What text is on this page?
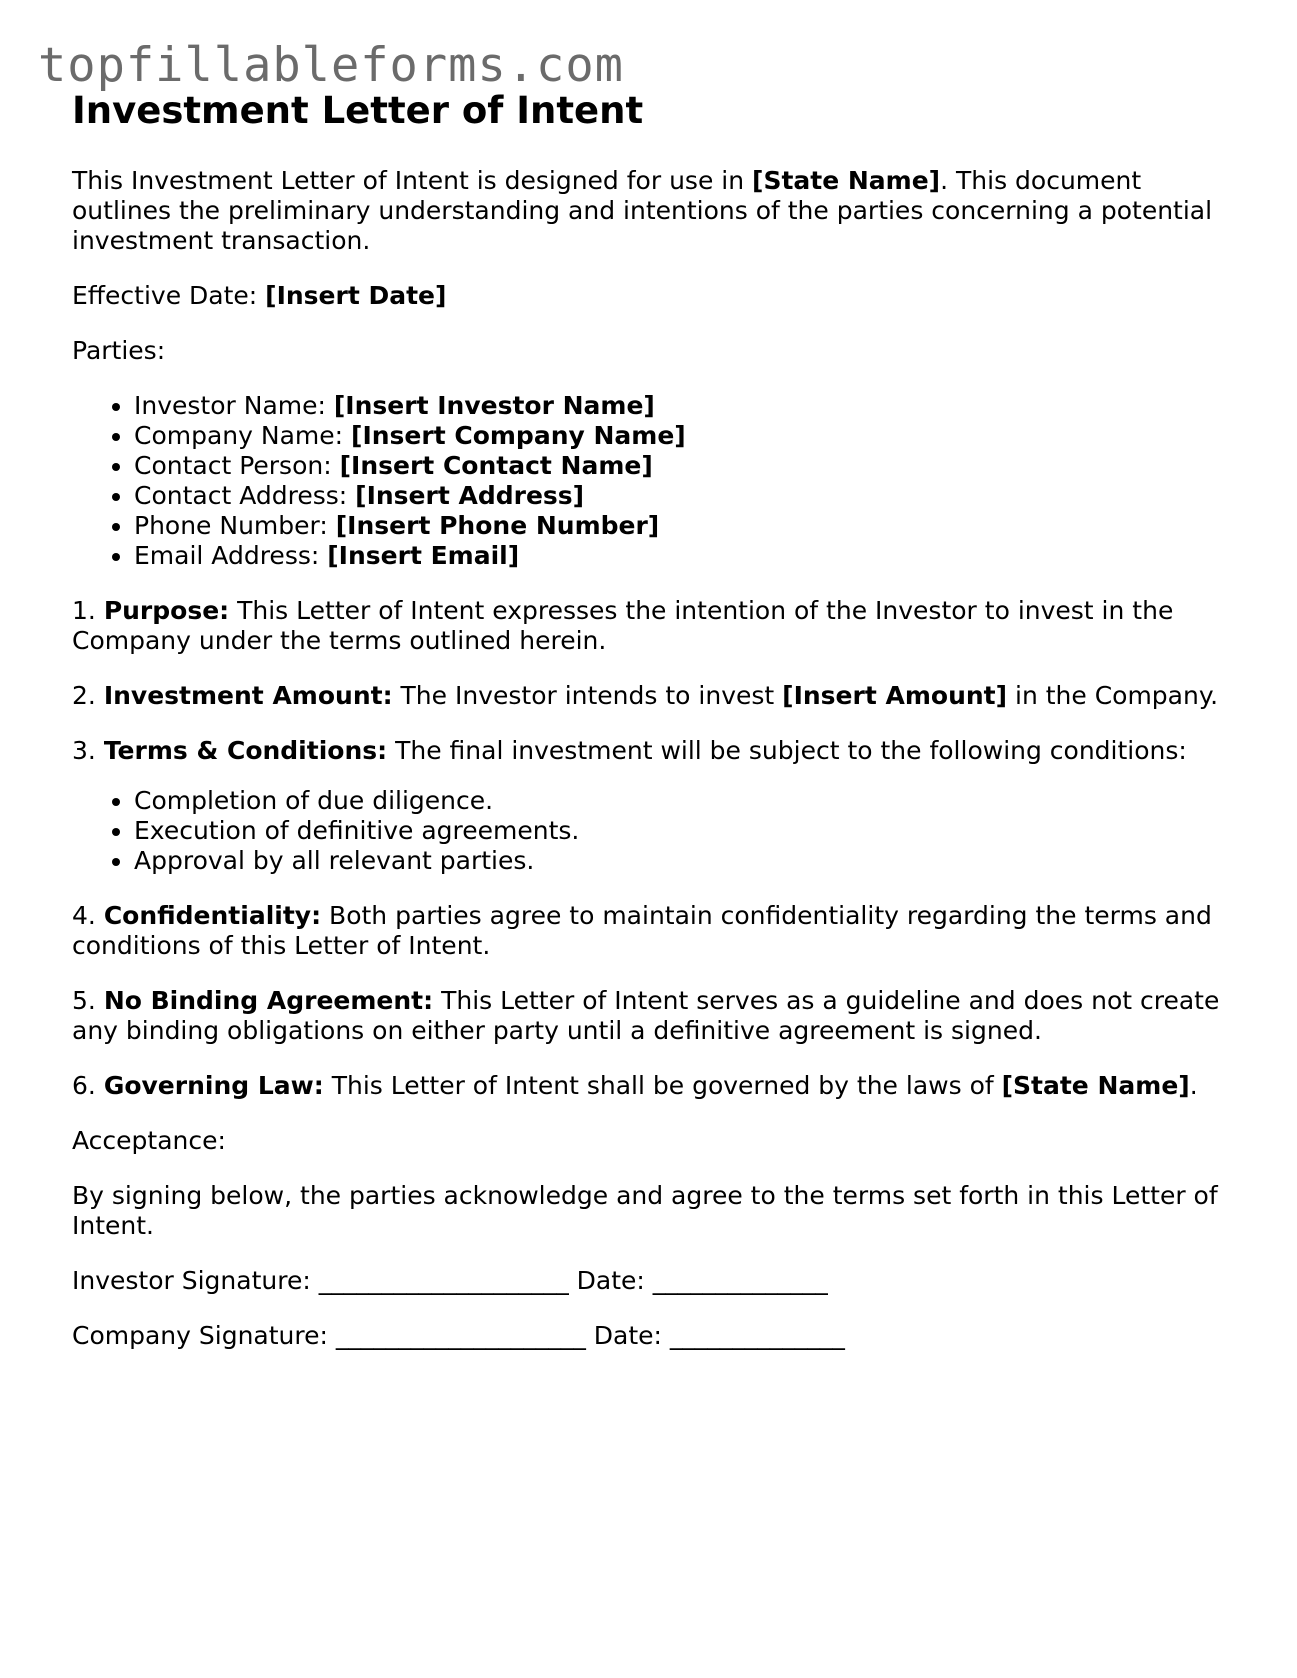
topfillableforms.com
Investment Letter of Intent

This Investment Letter of Intent is designed for use in [State Name]. This document outlines the preliminary understanding and intentions of the parties concerning a potential investment transaction.

Effective Date: [Insert Date]

Parties:

• Investor Name: [Insert Investor Name]
• Company Name: [Insert Company Name]
• Contact Person: [Insert Contact Name]
• Contact Address: [Insert Address]
• Phone Number: [Insert Phone Number]
• Email Address: [Insert Email]

1. Purpose: This Letter of Intent expresses the intention of the Investor to invest in the Company under the terms outlined herein.

2. Investment Amount: The Investor intends to invest [Insert Amount] in the Company.

3. Terms & Conditions: The final investment will be subject to the following conditions:

• Completion of due diligence.
• Execution of definitive agreements.
• Approval by all relevant parties.

4. Confidentiality: Both parties agree to maintain confidentiality regarding the terms and conditions of this Letter of Intent.

5. No Binding Agreement: This Letter of Intent serves as a guideline and does not create any binding obligations on either party until a definitive agreement is signed.

6. Governing Law: This Letter of Intent shall be governed by the laws of [State Name].

Acceptance:

By signing below, the parties acknowledge and agree to the terms set forth in this Letter of Intent.

Investor Signature: ____________________ Date: ______________
Company Signature: ____________________ Date: ______________
